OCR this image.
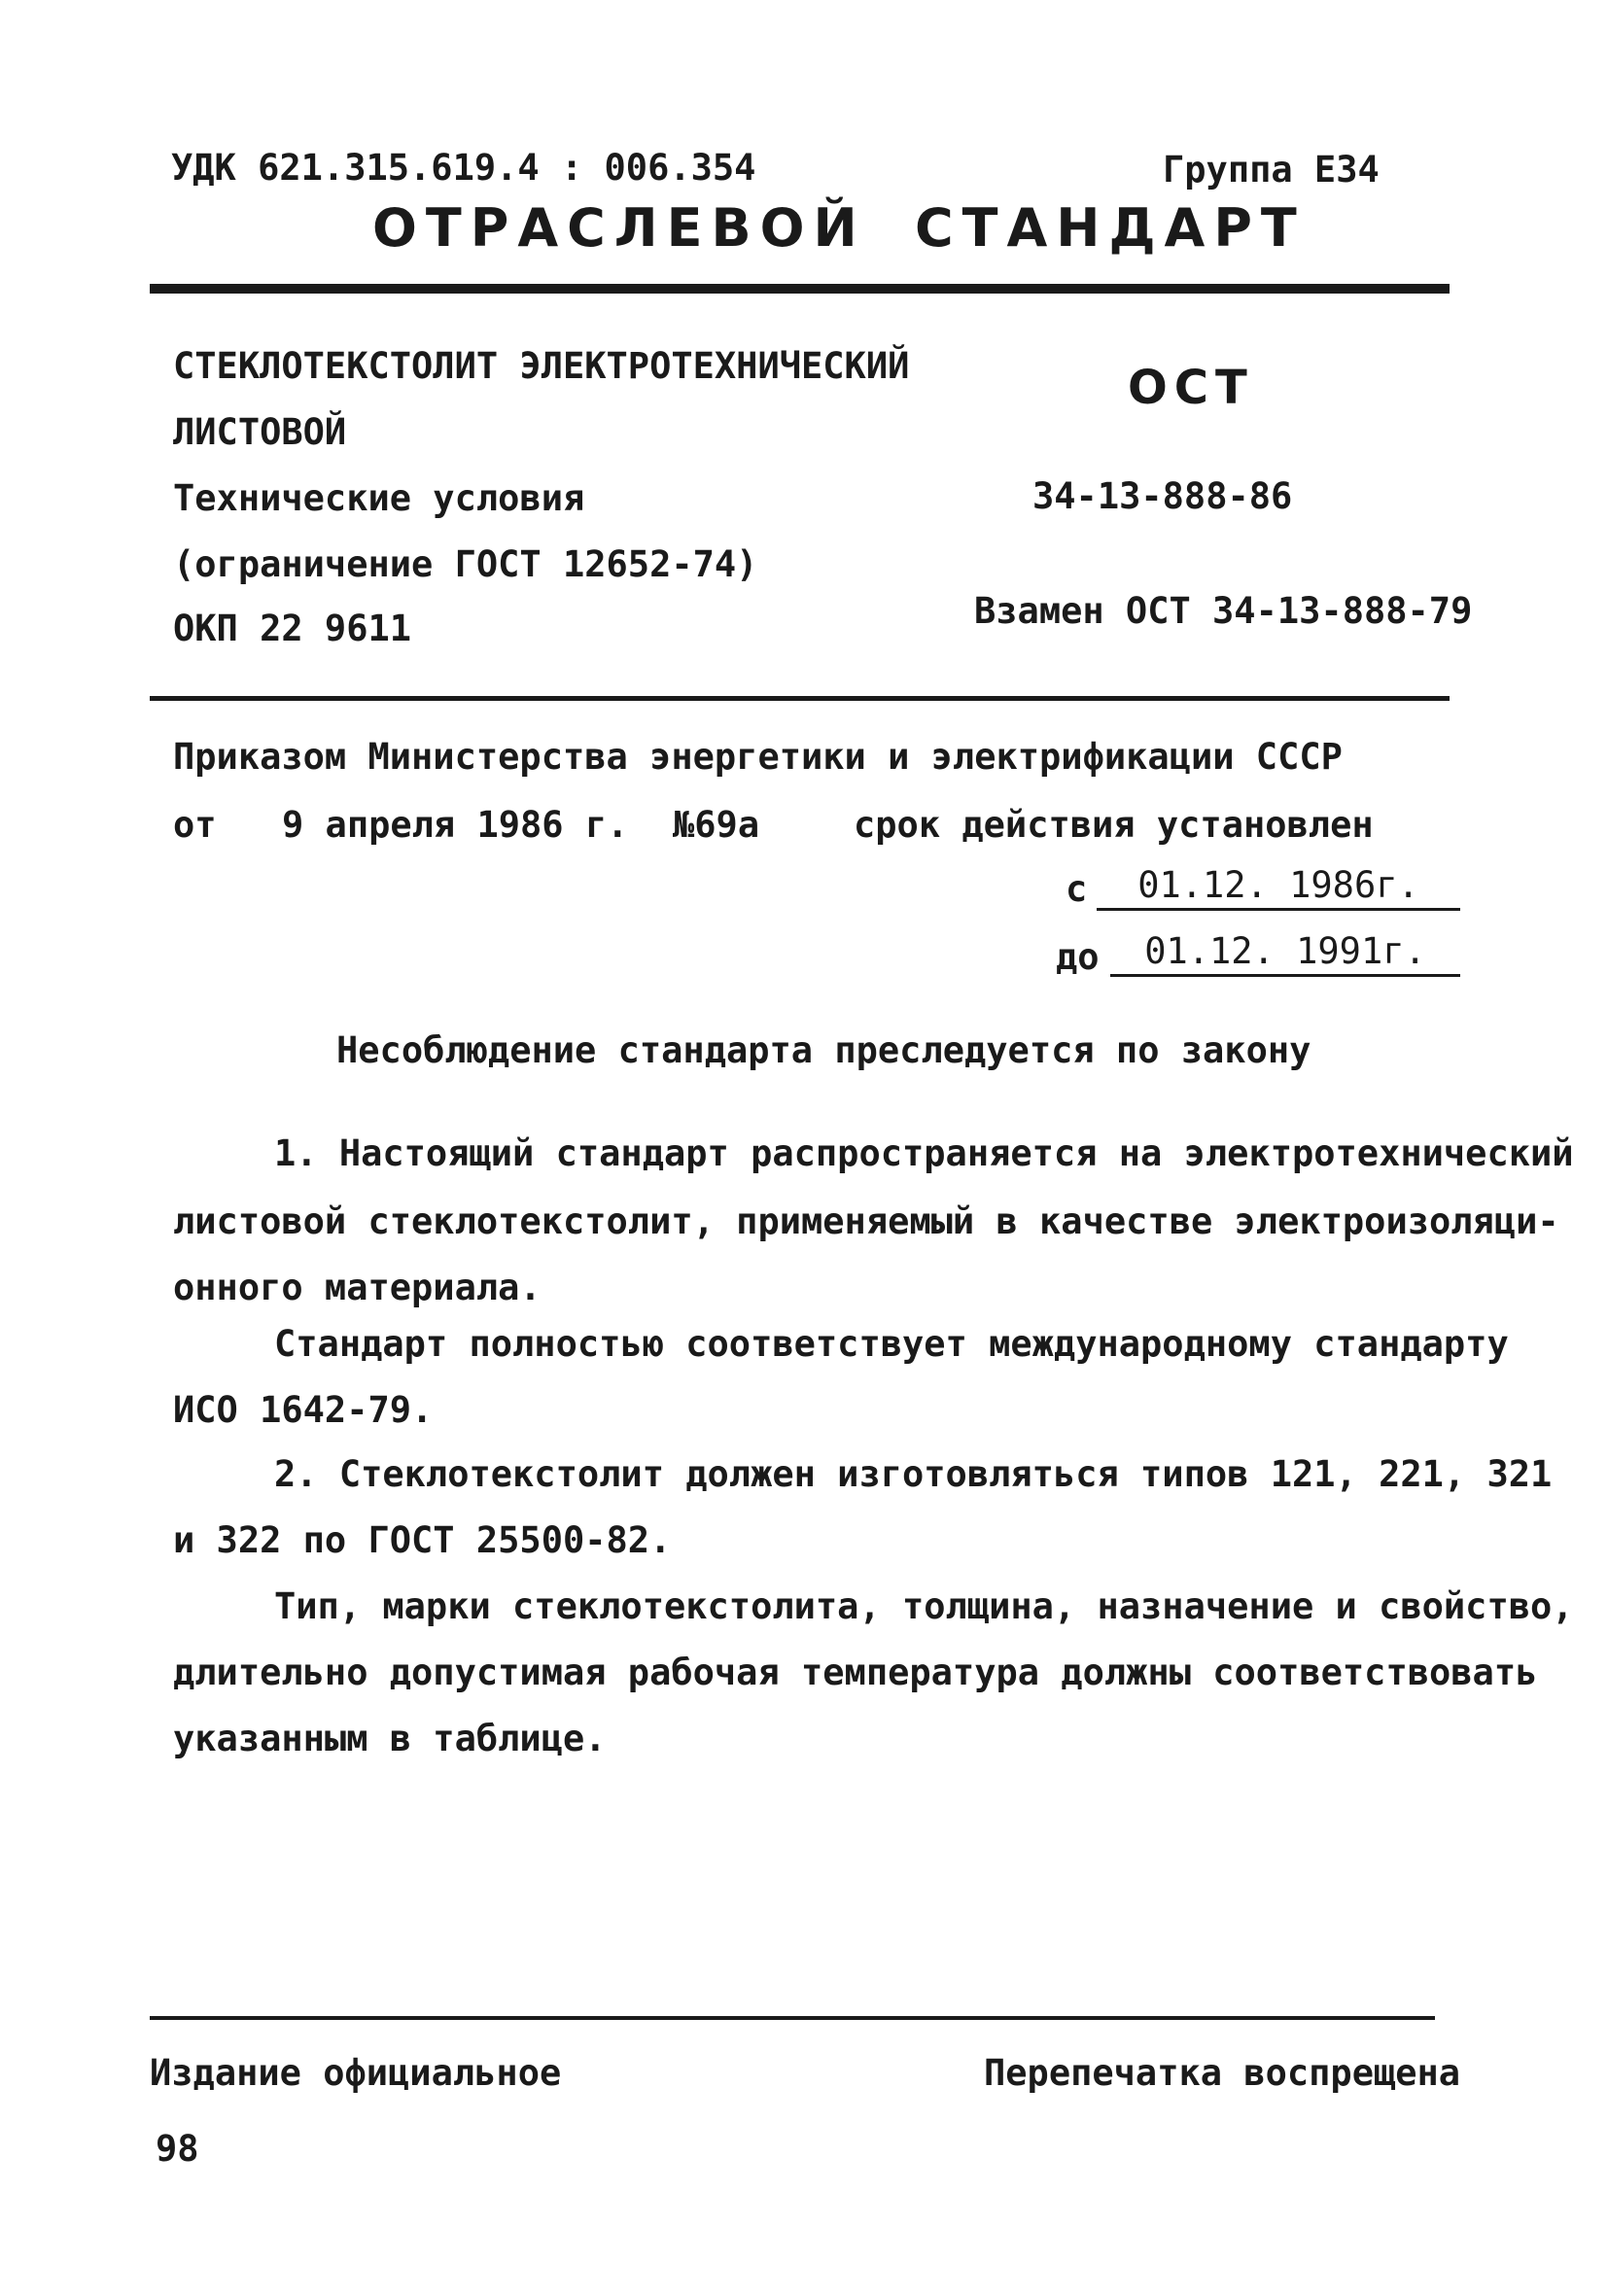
УДК 621.315.619.4 : 006.354	Группа Е34
ОТРАСЛЕВОЙ СТАНДАРТ
СТЕКЛОТЕКСТОЛИТ ЭЛЕКТРОТЕХНИЧЕСКИЙ
ЛИСТОВОЙ
Технические условия
(ограничение ГОСТ 12652-74)
ОКП 22 9611
ОСТ
34-13-888-86
Взамен ОСТ 34-13-888-79
Приказом Министерства энергетики и электрификации СССР
от 9 апреля 1986 г. №69а	срок действия установлен
с	01.12. 1986г.
до	01.12. 1991г.
Несоблюдение стандарта преследуется по закону
1. Настоящий стандарт распространяется на электротехнический
листовой стеклотекстолит, применяемый в качестве электроизоляци-
онного материала.
Стандарт полностью соответствует международному стандарту
ИСО 1642-79.
2. Стеклотекстолит должен изготовляться типов 121, 221, 321
и 322 по ГОСТ 25500-82.
Тип, марки стеклотекстолита, толщина, назначение и свойство,
длительно допустимая рабочая температура должны соответствовать
указанным в таблице.
Издание официальное	Перепечатка воспрещена
98
